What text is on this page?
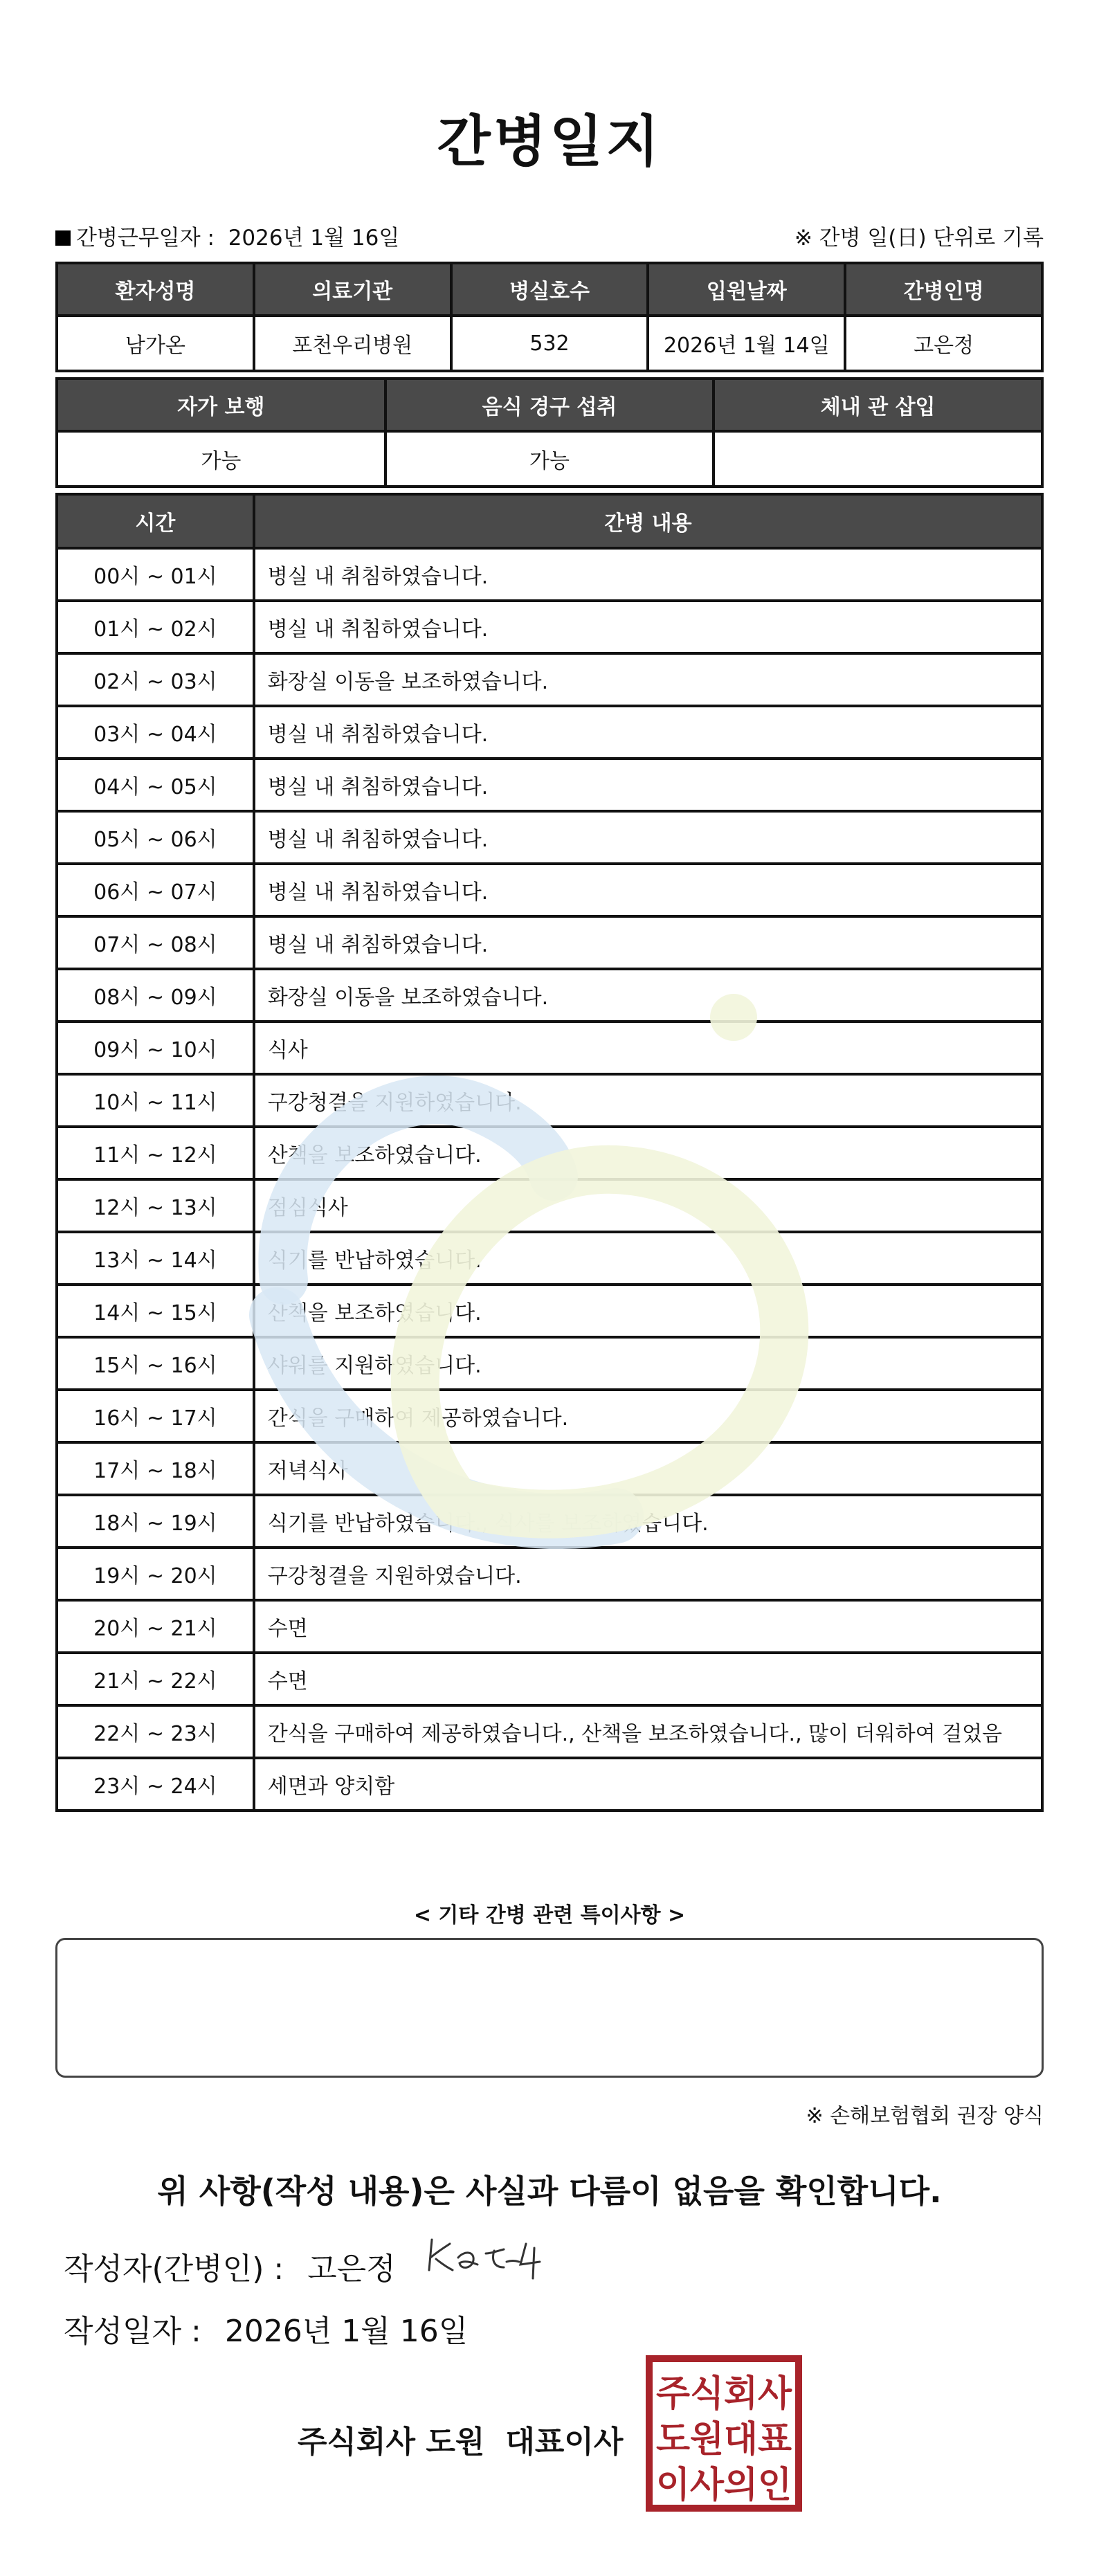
간병일지
간병근무일자 : 2026년 1월 16일	※ 간병 일(日) 단위로 기록
환자성명	의료기관	병실호수	입원날짜	간병인명
남가온	포천우리병원	532	2026년 1월 14일	고은정
자가 보행	음식 경구 섭취	체내 관 삽입
가능	가능	
시간	간병 내용
00시 ~ 01시	병실 내 취침하였습니다.
01시 ~ 02시	병실 내 취침하였습니다.
02시 ~ 03시	화장실 이동을 보조하였습니다.
03시 ~ 04시	병실 내 취침하였습니다.
04시 ~ 05시	병실 내 취침하였습니다.
05시 ~ 06시	병실 내 취침하였습니다.
06시 ~ 07시	병실 내 취침하였습니다.
07시 ~ 08시	병실 내 취침하였습니다.
08시 ~ 09시	화장실 이동을 보조하였습니다.
09시 ~ 10시	식사
10시 ~ 11시	구강청결을 지원하였습니다.
11시 ~ 12시	산책을 보조하였습니다.
12시 ~ 13시	점심식사
13시 ~ 14시	식기를 반납하였습니다.
14시 ~ 15시	산책을 보조하였습니다.
15시 ~ 16시	샤워를 지원하였습니다.
16시 ~ 17시	간식을 구매하여 제공하였습니다.
17시 ~ 18시	저녁식사
18시 ~ 19시	식기를 반납하였습니다., 식사를 보조하였습니다.
19시 ~ 20시	구강청결을 지원하였습니다.
20시 ~ 21시	수면
21시 ~ 22시	수면
22시 ~ 23시	간식을 구매하여 제공하였습니다., 산책을 보조하였습니다., 많이 더워하여 걸었음
23시 ~ 24시	세면과 양치함
< 기타 간병 관련 특이사항 >
※ 손해보험협회 권장 양식
위 사항(작성 내용)은 사실과 다름이 없음을 확인합니다.
작성자(간병인) : 고은정
작성일자 : 2026년 1월 16일
주식회사 도원 대표이사
주식회사
도원대표
이사의인
